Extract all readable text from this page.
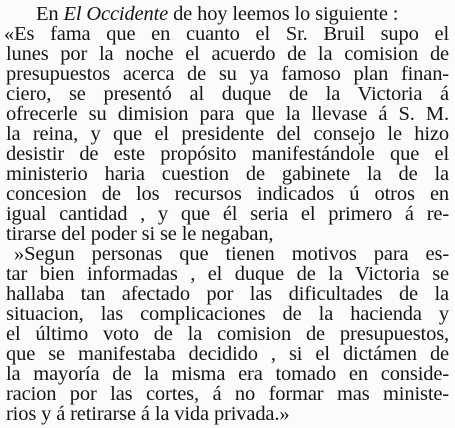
En El Occidente de hoy leemos lo siguiente :
«Es fama que en cuanto el Sr. Bruil supo el
lunes por la noche el acuerdo de la comision de
presupuestos acerca de su ya famoso plan finan-
ciero, se presentó al duque de la Victoria á
ofrecerle su dimision para que la llevase á S. M.
la reina, y que el presidente del consejo le hizo
desistir de este propósito manifestándole que el
ministerio haria cuestion de gabinete la de la
concesion de los recursos indicados ú otros en
igual cantidad , y que él seria el primero á re-
tirarse del poder si se le negaban,
»Segun personas que tienen motivos para es-
tar bien informadas , el duque de la Victoria se
hallaba tan afectado por las dificultades de la
situacion, las complicaciones de la hacienda y
el último voto de la comision de presupuestos,
que se manifestaba decidido , si el dictámen de
la mayoría de la misma era tomado en conside-
racion por las cortes, á no formar mas ministe-
rios y á retirarse á la vida privada.»
